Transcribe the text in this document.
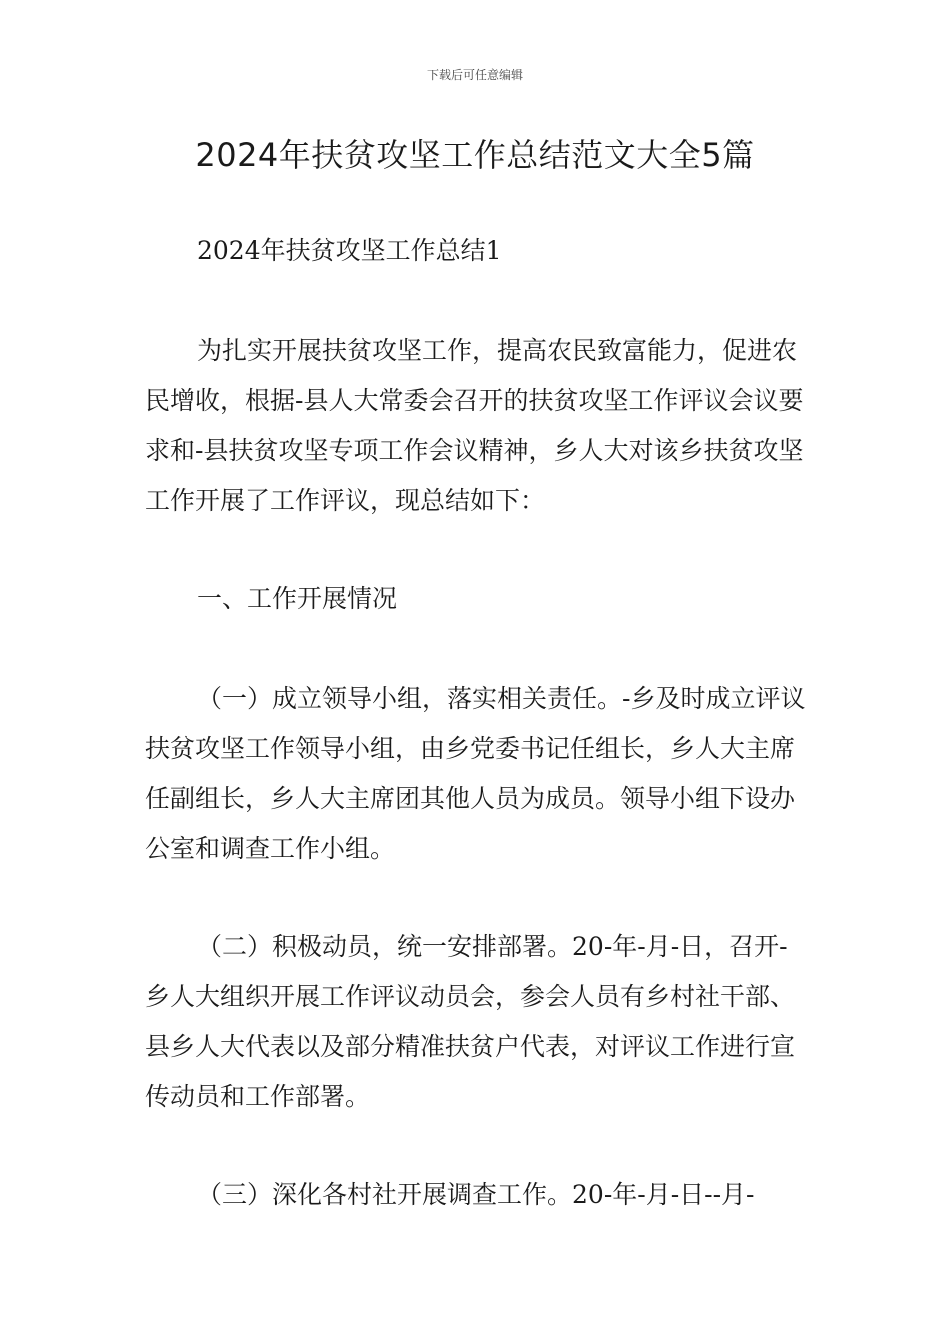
下载后可任意编辑
2024年扶贫攻坚工作总结范文大全5篇

2024年扶贫攻坚工作总结1

为扎实开展扶贫攻坚工作，提高农民致富能力，促进农民增收，根据-县人大常委会召开的扶贫攻坚工作评议会议要求和-县扶贫攻坚专项工作会议精神，乡人大对该乡扶贫攻坚工作开展了工作评议，现总结如下：

一、工作开展情况

（一）成立领导小组，落实相关责任。-乡及时成立评议扶贫攻坚工作领导小组，由乡党委书记任组长，乡人大主席任副组长，乡人大主席团其他人员为成员。领导小组下设办公室和调查工作小组。

（二）积极动员，统一安排部署。20-年-月-日，召开-乡人大组织开展工作评议动员会，参会人员有乡村社干部、县乡人大代表以及部分精准扶贫户代表，对评议工作进行宣传动员和工作部署。

（三）深化各村社开展调查工作。20-年-月-日--月-
